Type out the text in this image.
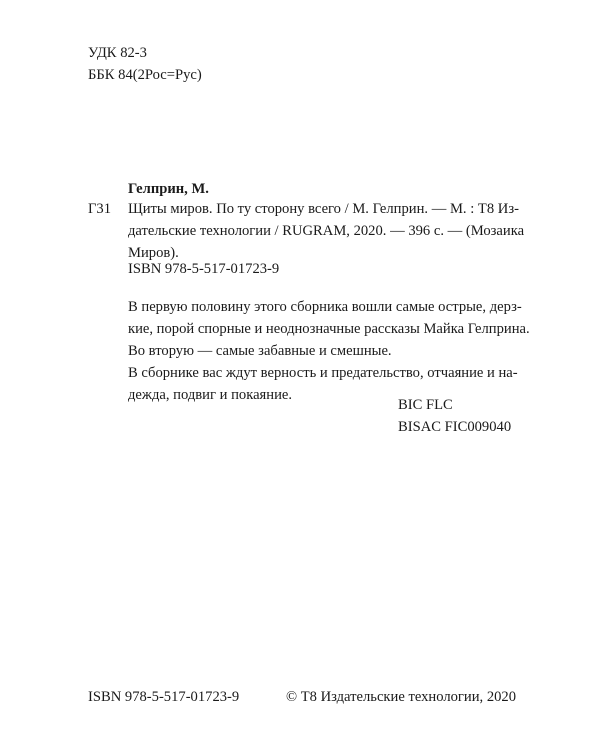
УДК 82-3
ББК 84(2Рос=Рус)
Гелприн, М.
Г31 Щиты миров. По ту сторону всего / М. Гелприн. — М. : Т8 Из-
дательские технологии / RUGRAM, 2020. — 396 с. — (Мозаика
Миров).
ISBN 978-5-517-01723-9
В первую половину этого сборника вошли самые острые, дерз-
кие, порой спорные и неоднозначные рассказы Майка Гелприна.
Во вторую — самые забавные и смешные.
В сборнике вас ждут верность и предательство, отчаяние и на-
дежда, подвиг и покаяние.
BIC FLC
BISAC FIC009040
ISBN 978-5-517-01723-9	© Т8 Издательские технологии, 2020
